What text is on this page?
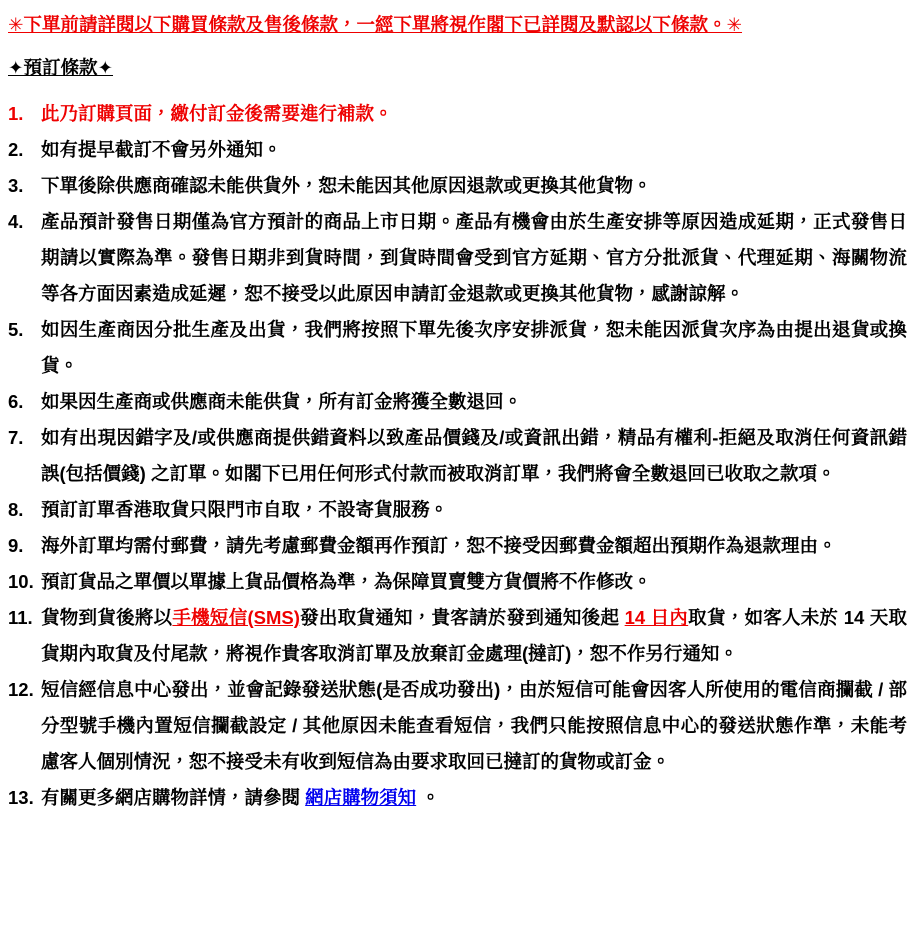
✳下單前請詳閱以下購買條款及售後條款，一經下單將視作閣下已詳閱及默認以下條款。✳
✦預訂條款✦
1. 此乃訂購頁面，繳付訂金後需要進行補款。
2. 如有提早截訂不會另外通知。
3. 下單後除供應商確認未能供貨外，恕未能因其他原因退款或更換其他貨物。
4. 產品預計發售日期僅為官方預計的商品上市日期。產品有機會由於生產安排等原因造成延期，正式發售日期請以實際為準。發售日期非到貨時間，到貨時間會受到官方延期、官方分批派貨、代理延期、海關物流等各方面因素造成延遲，恕不接受以此原因申請訂金退款或更換其他貨物，感謝諒解。
5. 如因生產商因分批生產及出貨，我們將按照下單先後次序安排派貨，恕未能因派貨次序為由提出退貨或換貨。
6. 如果因生產商或供應商未能供貨，所有訂金將獲全數退回。
7. 如有出現因錯字及/或供應商提供錯資料以致產品價錢及/或資訊出錯，精品有權利-拒絕及取消任何資訊錯誤(包括價錢) 之訂單。如閣下已用任何形式付款而被取消訂單，我們將會全數退回已收取之款項。
8. 預訂訂單香港取貨只限門市自取，不設寄貨服務。
9. 海外訂單均需付郵費，請先考慮郵費金額再作預訂，恕不接受因郵費金額超出預期作為退款理由。
10. 預訂貨品之單價以單據上貨品價格為準，為保障買賣雙方貨價將不作修改。
11. 貨物到貨後將以手機短信(SMS)發出取貨通知，貴客請於發到通知後起 14 日內取貨，如客人未於 14 天取貨期內取貨及付尾款，將視作貴客取消訂單及放棄訂金處理(撻訂)，恕不作另行通知。
12. 短信經信息中心發出，並會記錄發送狀態(是否成功發出)，由於短信可能會因客人所使用的電信商攔截 / 部分型號手機內置短信攔截設定 / 其他原因未能查看短信，我們只能按照信息中心的發送狀態作準，未能考慮客人個別情況，恕不接受未有收到短信為由要求取回已撻訂的貨物或訂金。
13. 有關更多網店購物詳情，請參閱 網店購物須知 。
